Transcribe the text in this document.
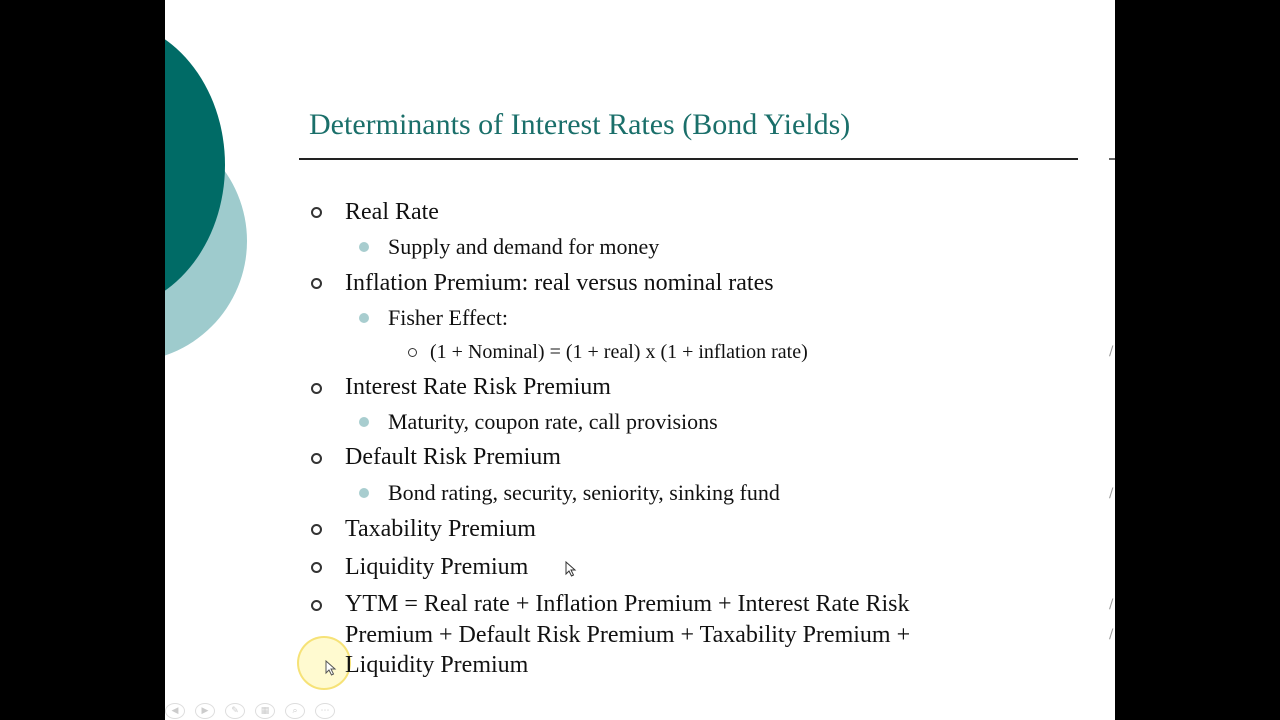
Determinants of Interest Rates (Bond Yields)
Real Rate
Supply and demand for money
Inflation Premium: real versus nominal rates
Fisher Effect:
(1 + Nominal) = (1 + real) x (1 + inflation rate)
Interest Rate Risk Premium
Maturity, coupon rate, call provisions
Default Risk Premium
Bond rating, security, seniority, sinking fund
Taxability Premium
Liquidity Premium
YTM = Real rate + Inflation Premium + Interest Rate Risk
Premium + Default Risk Premium + Taxability Premium +
Liquidity Premium
∕
∕
∕
∕
◀	▶	✎	▦	⌕	⋯
